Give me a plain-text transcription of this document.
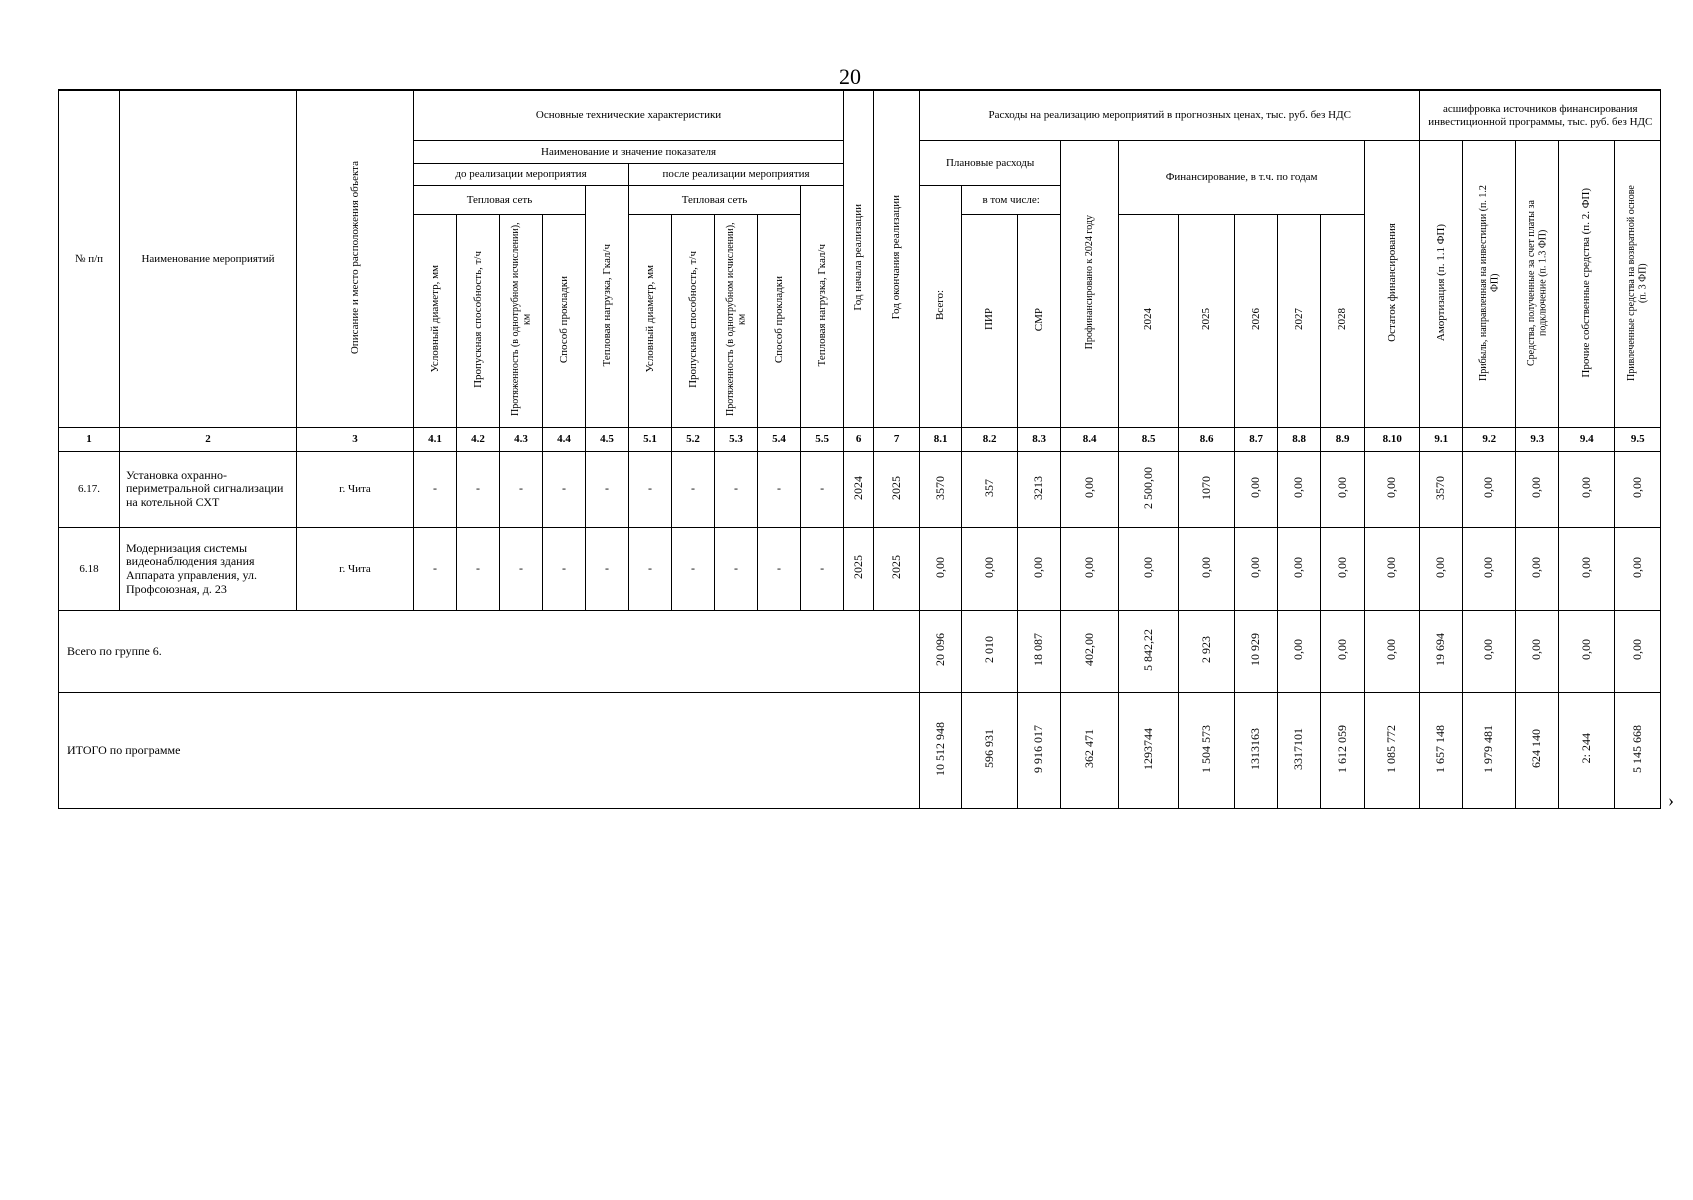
20
№ п/п	Наименование мероприятий	Описание и место расположения объекта	Основные технические характеристики										Год начала реализации	Год окончания реализации	Расходы на реализацию мероприятий в прогнозных ценах, тыс. руб. без НДС										асшифровка источников финансирования инвестиционной программы, тыс. руб. без НДС				
			Наименование и значение показателя												Плановые расходы			Профинансировано к 2024 году	Финансирование, в т.ч. по годам					Остаток финансирования	Амортизация (п. 1.1 ФП)	Прибыль, направленная на инвестиции (п. 1.2 ФП)	Средства, полученные за счет платы за подключение (п. 1.3 ФП)	Прочие собственные средства (п. 2. ФП)	Привлеченные средства на возвратной основе (п. 3 ФП)
			до реализации мероприятия					после реализации мероприятия																					
			Тепловая сеть				Тепловая нагрузка, Гкал/ч	Тепловая сеть				Тепловая нагрузка, Гкал/ч			Всего:	в том числе:													
			Условный диаметр, мм	Пропускная способность, т/ч	Протяженность (в однотрубном исчислении), км	Способ прокладки		Условный диаметр, мм	Пропускная способность, т/ч	Протяженность (в однотрубном исчислении), км	Способ прокладки					ПИР	СМР		2024	2025	2026	2027	2028						
1	2	3	4.1	4.2	4.3	4.4	4.5	5.1	5.2	5.3	5.4	5.5	6	7	8.1	8.2	8.3	8.4	8.5	8.6	8.7	8.8	8.9	8.10	9.1	9.2	9.3	9.4	9.5
6.17.	Установка охранно-периметральной сигнализации на котельной СХТ	г. Чита	-	-	-	-	-	-	-	-	-	-	2024	2025	3570	357	3213	0,00	2 500,00	1070	0,00	0,00	0,00	0,00	3570	0,00	0,00	0,00	0,00
6.18	Модернизация системы видеонаблюдения здания Аппарата управления, ул. Профсоюзная, д. 23	г. Чита	-	-	-	-	-	-	-	-	-	-	2025	2025	0,00	0,00	0,00	0,00	0,00	0,00	0,00	0,00	0,00	0,00	0,00	0,00	0,00	0,00	0,00
Всего по группе 6.															20 096	2 010	18 087	402,00	5 842,22	2 923	10 929	0,00	0,00	0,00	19 694	0,00	0,00	0,00	0,00
ИТОГО по программе															10 512 948	596 931	9 916 017	362 471	1293744	1 504 573	1313163	3317101	1 612 059	1 085 772	1 657 148	1 979 481	624 140	2: 244	5 145 668
›
